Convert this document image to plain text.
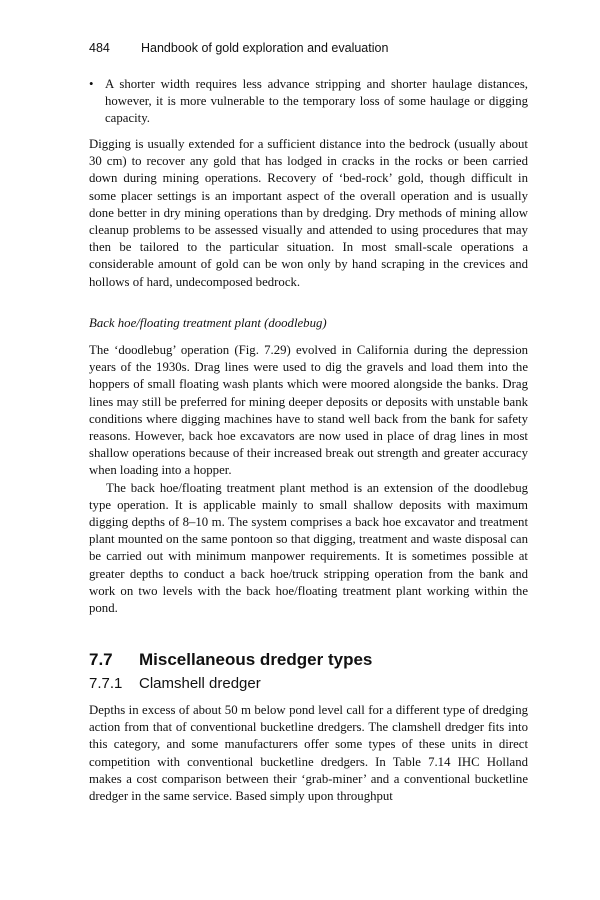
484 Handbook of gold exploration and evaluation
• A shorter width requires less advance stripping and shorter haulage distances, however, it is more vulnerable to the temporary loss of some haulage or digging capacity.
Digging is usually extended for a sufficient distance into the bedrock (usually about 30 cm) to recover any gold that has lodged in cracks in the rocks or been carried down during mining operations. Recovery of ‘bed-rock’ gold, though difficult in some placer settings is an important aspect of the overall operation and is usually done better in dry mining operations than by dredging. Dry methods of mining allow cleanup problems to be assessed visually and attended to using procedures that may then be tailored to the particular situation. In most small-scale operations a considerable amount of gold can be won only by hand scraping in the crevices and hollows of hard, undecomposed bedrock.
Back hoe/floating treatment plant (doodlebug)

The ‘doodlebug’ operation (Fig. 7.29) evolved in California during the depression years of the 1930s. Drag lines were used to dig the gravels and load them into the hoppers of small floating wash plants which were moored alongside the banks. Drag lines may still be preferred for mining deeper deposits or deposits with unstable bank conditions where digging machines have to stand well back from the bank for safety reasons. However, back hoe excavators are now used in place of drag lines in most shallow operations because of their increased break out strength and greater accuracy when loading into a hopper.

The back hoe/floating treatment plant method is an extension of the doodlebug type operation. It is applicable mainly to small shallow deposits with maximum digging depths of 8–10 m. The system comprises a back hoe excavator and treatment plant mounted on the same pontoon so that digging, treatment and waste disposal can be carried out with minimum manpower requirements. It is sometimes possible at greater depths to conduct a back hoe/truck stripping operation from the bank and work on two levels with the back hoe/floating treatment plant working within the pond.

7.7 Miscellaneous dredger types
7.7.1 Clamshell dredger
Depths in excess of about 50 m below pond level call for a different type of dredging action from that of conventional bucketline dredgers. The clamshell dredger fits into this category, and some manufacturers offer some types of these units in direct competition with conventional bucketline dredgers. In Table 7.14 IHC Holland makes a cost comparison between their ‘grab-miner’ and a conventional bucketline dredger in the same service. Based simply upon throughput
